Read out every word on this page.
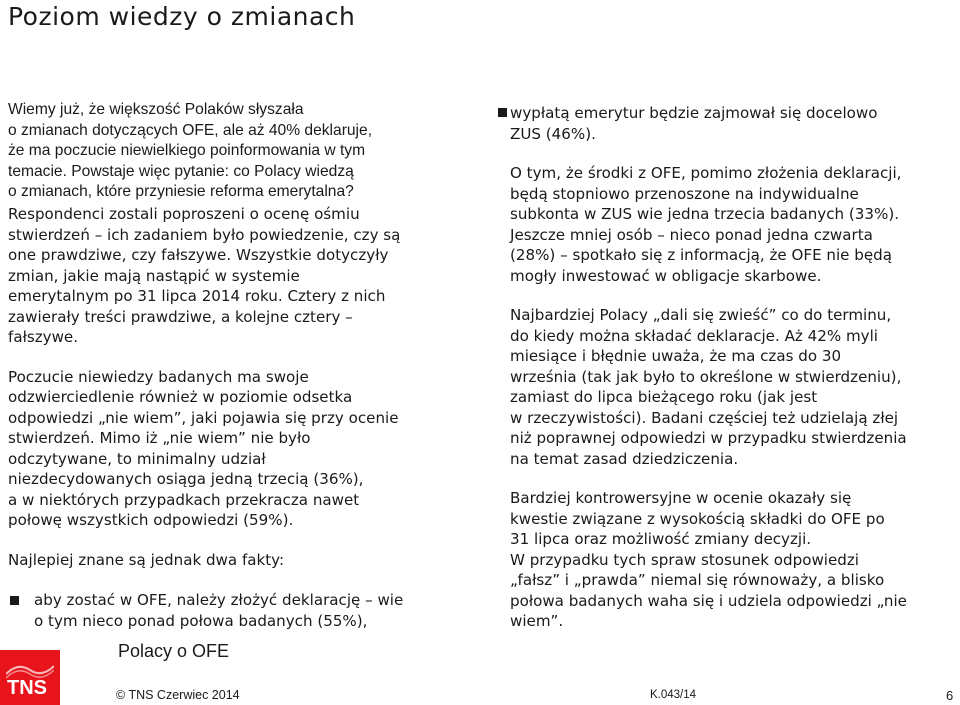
Poziom wiedzy o zmianach

Wiemy już, że większość Polaków słyszała
o zmianach dotyczących OFE, ale aż 40% deklaruje,
że ma poczucie niewielkiego poinformowania w tym
temacie. Powstaje więc pytanie: co Polacy wiedzą
o zmianach, które przyniesie reforma emerytalna?

Respondenci zostali poproszeni o ocenę ośmiu
stwierdzeń – ich zadaniem było powiedzenie, czy są
one prawdziwe, czy fałszywe. Wszystkie dotyczyły
zmian, jakie mają nastąpić w systemie
emerytalnym po 31 lipca 2014 roku. Cztery z nich
zawierały treści prawdziwe, a kolejne cztery –
fałszywe.

Poczucie niewiedzy badanych ma swoje
odzwierciedlenie również w poziomie odsetka
odpowiedzi „nie wiem”, jaki pojawia się przy ocenie
stwierdzeń. Mimo iż „nie wiem” nie było
odczytywane, to minimalny udział
niezdecydowanych osiąga jedną trzecią (36%),
a w niektórych przypadkach przekracza nawet
połowę wszystkich odpowiedzi (59%).

Najlepiej znane są jednak dwa fakty:

aby zostać w OFE, należy złożyć deklarację – wie
o tym nieco ponad połowa badanych (55%),

wypłatą emerytur będzie zajmował się docelowo
ZUS (46%).

O tym, że środki z OFE, pomimo złożenia deklaracji,
będą stopniowo przenoszone na indywidualne
subkonta w ZUS wie jedna trzecia badanych (33%).
Jeszcze mniej osób – nieco ponad jedna czwarta
(28%) – spotkało się z informacją, że OFE nie będą
mogły inwestować w obligacje skarbowe.

Najbardziej Polacy „dali się zwieść” co do terminu,
do kiedy można składać deklaracje. Aż 42% myli
miesiące i błędnie uważa, że ma czas do 30
września (tak jak było to określone w stwierdzeniu),
zamiast do lipca bieżącego roku (jak jest
w rzeczywistości). Badani częściej też udzielają złej
niż poprawnej odpowiedzi w przypadku stwierdzenia
na temat zasad dziedziczenia.

Bardziej kontrowersyjne w ocenie okazały się
kwestie związane z wysokością składki do OFE po
31 lipca oraz możliwość zmiany decyzji.
W przypadku tych spraw stosunek odpowiedzi
„fałsz” i „prawda” niemal się równoważy, a blisko
połowa badanych waha się i udziela odpowiedzi „nie
wiem”.

TNS
Polacy o OFE
© TNS Czerwiec 2014	K.043/14	6
